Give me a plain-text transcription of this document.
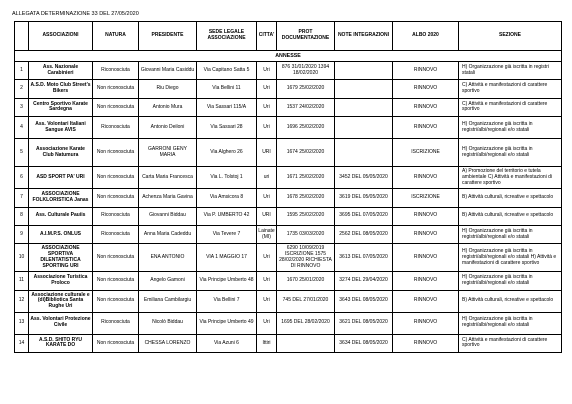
ALLEGATA DETERMINAZIONE 33 DEL 27/05/2020
	ASSOCIAZIONI	NATURA	PRESIDENTE	SEDE LEGALE ASSOCIAZIONE	CITTA'	PROT DOCUMENTAZIONE	NOTE INTEGRAZIONI	ALBO 2020	SEZIONE
ANNESSE									
1	Ass. Nazionale Carabinieri	Riconosciuta	Giovanni Maria Casiddu	Via Capitano Satta 5	Uri	876 31/01/2020 1394 18/02/2020		RINNOVO	H) Organizzazione già iscritta in registri statali
2	A.S.D. Moto Club Street's Bikers	Non riconosciuta	Riu Diego	Via Bellini 11	Uri	1679 25/02/2020		RINNOVO	C) Attività e manifestazioni di carattere sportivo
3	Centro Sportivo Karate Sardegna	Non riconosciuta	Antonio Mura	Via Sassari 115/A	Uri	1537 24/02/2020		RINNOVO	C) Attività e manifestazioni di carattere sportivo
4	Ass. Volontari Italiani Sangue AVIS	Riconosciuta	Antonio Deiloni	Via Sassari 28	Uri	1696 25/02/2020		RINNOVO	H) Organizzazione già iscritta in registri/albi/regionali e/o statali
5	Associazione Karate Club Natumura	Non riconosciuta	GARRONI GENY MARIA	Via Alghero 26	URI	1674 25/02/2020		ISCRIZIONE	H) Organizzazione già iscritta in registri/albi/regionali e/o statali
6	ASD SPORT PA' URI	Non riconosciuta	Carta Maria Francesca	Via L. Tolstoj 1	uri	1671 25/02/2020	3452 DEL 05/05/2020	RINNOVO	A) Promozione del territorio e tutela ambientale C) Attività e manifestazioni di carattere sportivo
7	ASSOCIAZIONE FOLKLORISTICA Janas	Non riconosciuta	Achenza Maria Gavina	Via Amsicora 8	Uri	1678 25/02/2020	3619 DEL 05/05/2020	ISCRIZIONE	B) Attività culturali, ricreative e spettacolo
8	Ass. Culturale Pauiis	Riconosciuta	Giovanni Biddau	Via P. UMBERTO 42	URI	1595 25/02/2020	3695 DEL 07/05/2020	RINNOVO	B) Attività culturali, ricreative e spettacolo
9	A.I.M.P.S. ONLUS	Riconosciuta	Anna Maria Cadeddu	Via Tevere 7	Lainate (MI)	1735 03/03/2020	2562 DEL 08/05/2020	RINNOVO	H) Organizzazione già iscritta in registri/albi/regionali e/o statali
10	ASSOCIAZIONE SPORTIVA DILENTATISTICA SPORTING URI	Non riconosciuta	ENA ANTONIO	VIA 1 MAGGIO 17	Uri	6290 10/09/2019 ISCRIZIONE 1575 28/02/2020 RICHIESTA DI RINNOVO	3613 DEL 07/05/2020	RINNOVO	H) Organizzazione già iscritta in registri/albi/regionali e/o statali H) Attività e manifestazioni di carattere sportivo
11	Associazione Turistica Proloco	Non riconosciuta	Angelo Gamoni	Via Principe Umberto 48	Uri	1670 25/01/2020	3274 DEL 29/04/2020	RINNOVO	H) Organizzazione già iscritta in registri/albi/regionali e/o statali
12	Associazione culturale e (di)Bibliotica Santa Rughe Uri	Non riconosciuta	Emiliana Cambilargiu	Via Bellini 7	Uri	745 DEL 27/01/2020	3643 DEL 08/05/2020	RINNOVO	B) Attività culturali, ricreative e spettacolo
13	Ass. Volontari Protezione Civile	Riconosciuta	Nicolò Biddau	Via Principe Umberto 49	Uri	1695 DEL 28/02/2020	3621 DEL 08/05/2020	RINNOVO	H) Organizzazione già iscritta in registri/albi/regionali e/o statali
14	A.S.D. SHITO RYU KARATE DO	Non riconosciuta	CHESSA LORENZO	Via Azuni 6	Ittiri		3634 DEL 08/05/2020	RINNOVO	C) Attività e manifestazioni di carattere sportivo
